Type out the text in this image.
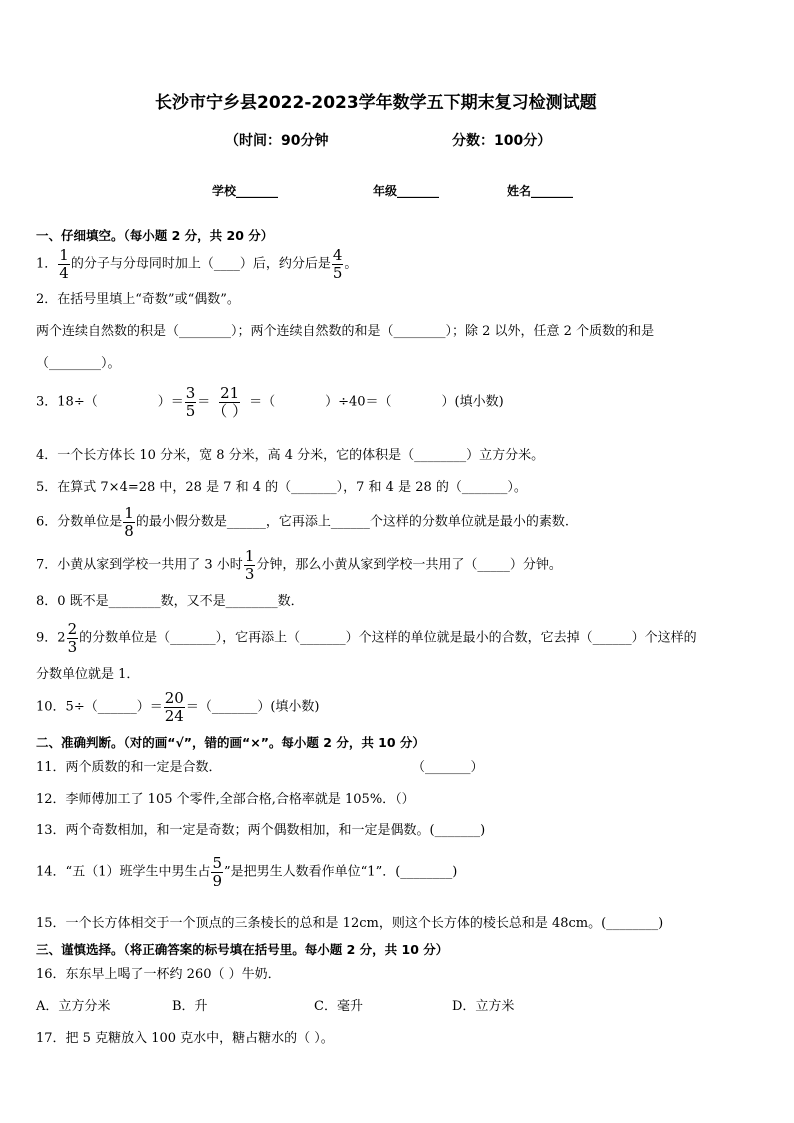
长沙市宁乡县2022-2023学年数学五下期末复习检测试题
（时间：90分钟	分数：100分）
学校_______	年级_______	姓名_______
一、仔细填空。（每小题 2 分，共 20 分）
1． $\frac{1}{4}$ 的分子与分母同时加上（____）后，约分后是 $\frac{4}{5}$ 。
2．在括号里填上“奇数”或“偶数”。
两个连续自然数的积是（________）；两个连续自然数的和是（________）；除 2 以外，任意 2 个质数的和是
（________）。
3．18÷（	）＝ $\frac{3}{5} = \frac{21}{( )}$ ＝（	）÷40＝（	）(填小数)
4．一个长方体长 10 分米，宽 8 分米，高 4 分米，它的体积是（________）立方分米。
5．在算式 7×4=28 中，28 是 7 和 4 的（_______），7 和 4 是 28 的（_______）。
6．分数单位是 $\frac{1}{8}$ 的最小假分数是______，它再添上______个这样的分数单位就是最小的素数.
7．小黄从家到学校一共用了 3 小时 $\frac{1}{3}$ 分钟，那么小黄从家到学校一共用了（_____）分钟。
8．0 既不是________数，又不是________数．
9．$2 \frac{2}{3}$ 的分数单位是（_______），它再添上（_______）个这样的单位就是最小的合数，它去掉（______）个这样的
分数单位就是 1．
10．5÷（______）＝ $\frac{20}{24}$ ＝（_______）(填小数)
二、准确判断。（对的画“√”，错的画“×”。每小题 2 分，共 10 分）
11．两个质数的和一定是合数．	（_______）
12．李师傅加工了 105 个零件,全部合格,合格率就是 105%．（）
13．两个奇数相加，和一定是奇数；两个偶数相加，和一定是偶数。(_______)
14．“五（1）班学生中男生占 $\frac{5}{9}$ ”是把男生人数看作单位“1”．(________)
15．一个长方体相交于一个顶点的三条棱长的总和是 12cm，则这个长方体的棱长总和是 48cm。(________)
三、谨慎选择。（将正确答案的标号填在括号里。每小题 2 分，共 10 分）
16．东东早上喝了一杯约 260（ ）牛奶．
A．立方分米	B．升	C．毫升	D．立方米
17．把 5 克糖放入 100 克水中，糖占糖水的（ ）。
